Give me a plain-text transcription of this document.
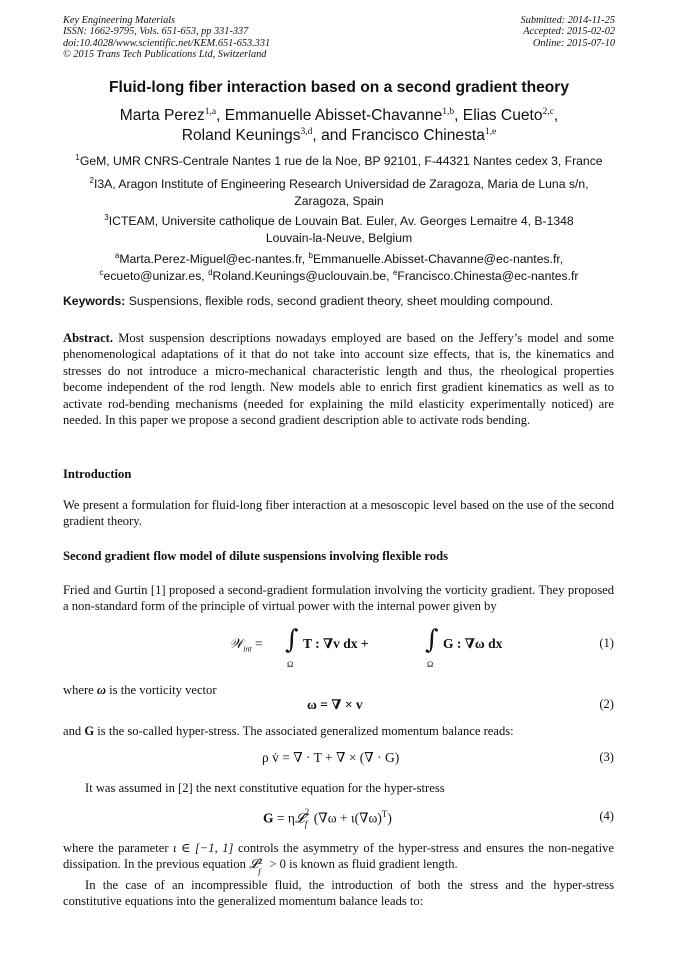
Key Engineering Materials
ISSN: 1662-9795, Vols. 651-653, pp 331-337
doi:10.4028/www.scientific.net/KEM.651-653.331
© 2015 Trans Tech Publications Ltd, Switzerland
Submitted: 2014-11-25
Accepted: 2015-02-02
Online: 2015-07-10
Fluid-long fiber interaction based on a second gradient theory
Marta Perez$^{1,a}$, Emmanuelle Abisset-Chavanne$^{1,b}$, Elias Cueto$^{2,c}$,
Roland Keunings$^{3,d}$, and Francisco Chinesta$^{1,e}$
$^1$GeM, UMR CNRS-Centrale Nantes 1 rue de la Noe, BP 92101, F-44321 Nantes cedex 3, France
$^2$I3A, Aragon Institute of Engineering Research Universidad de Zaragoza, Maria de Luna s/n,
Zaragoza, Spain
$^3$ICTEAM, Universite catholique de Louvain Bat. Euler, Av. Georges Lemaitre 4, B-1348
Louvain-la-Neuve, Belgium
$^a$Marta.Perez-Miguel@ec-nantes.fr, $^b$Emmanuelle.Abisset-Chavanne@ec-nantes.fr,
$^c$ecueto@unizar.es, $^d$Roland.Keunings@uclouvain.be, $^e$Francisco.Chinesta@ec-nantes.fr
Keywords: Suspensions, flexible rods, second gradient theory, sheet moulding compound.
Abstract. Most suspension descriptions nowadays employed are based on the Jeffery’s model and some phenomenological adaptations of it that do not take into account size effects, that is, the kinematics and stresses do not introduce a micro-mechanical characteristic length and thus, the rheological properties become independent of the rod length. New models able to enrich first gradient kinematics as well as to activate rod-bending mechanisms (needed for explaining the mild elasticity experimentally noticed) are needed. In this paper we propose a second gradient description able to activate rods bending.
Introduction
We present a formulation for fluid-long fiber interaction at a mesoscopic level based on the use of the second gradient theory.
Second gradient flow model of dilute suspensions involving flexible rods
Fried and Gurtin [1] proposed a second-gradient formulation involving the vorticity gradient. They proposed a non-standard form of the principle of virtual power with the internal power given by
𝒲$_{int}$ = ∫
Ω
T : ∇v dx + ∫
Ω
G : ∇ω dx	(1)
where ω is the vorticity vector
ω = ∇ × v	(2)
and G is the so-called hyper-stress. The associated generalized momentum balance reads:
ρ v̇ = ∇ · T + ∇ × (∇ · G)	(3)
It was assumed in [2] the next constitutive equation for the hyper-stress
G = η𝓛 2
f $(\nabla\omega + \iota(\nabla\omega)^T)$	(4)
where the parameter ι ∈ [−1, 1] controls the asymmetry of the hyper-stress and ensures the non-negative dissipation. In the previous equation 𝓛 2
f > 0 is known as fluid gradient length.
In the case of an incompressible fluid, the introduction of both the stress and the hyper-stress constitutive equations into the generalized momentum balance leads to:
